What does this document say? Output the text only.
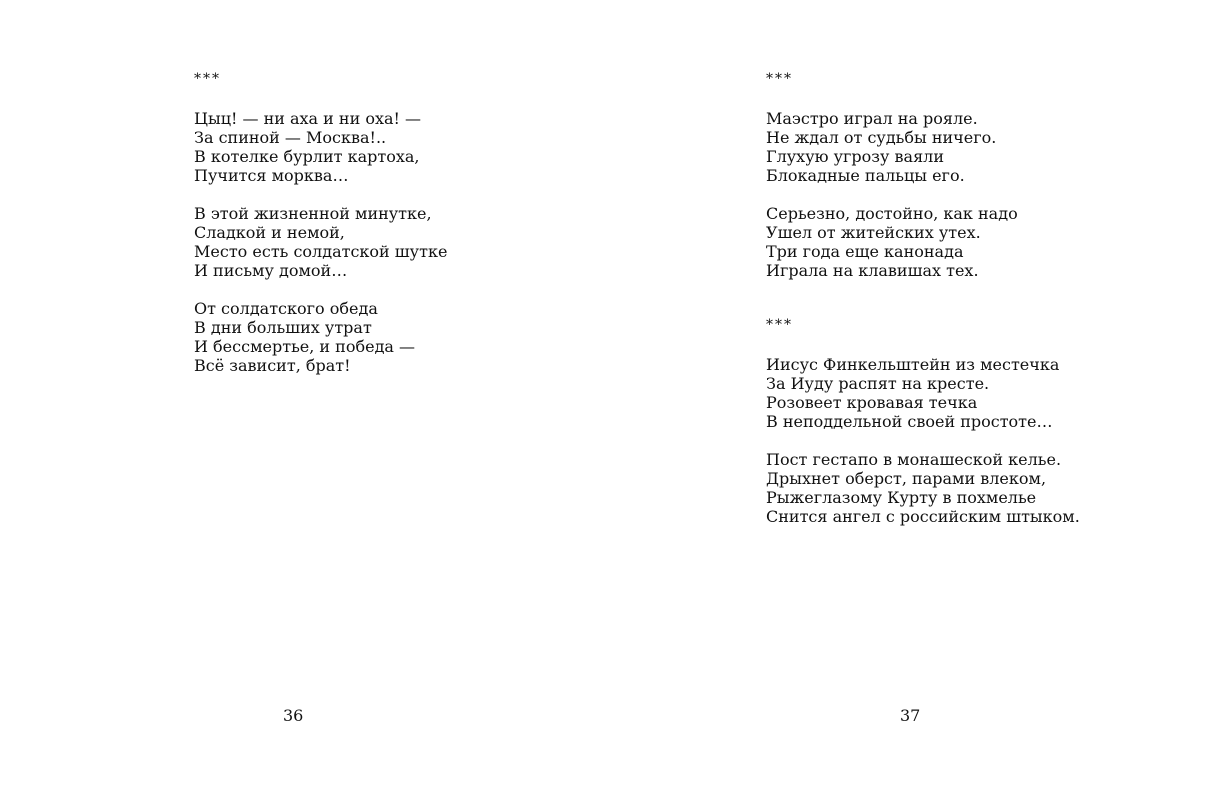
***

Цыц! — ни аха и ни оха! —
За спиной — Москва!..
В котелке бурлит картоха,
Пучится морква…

В этой жизненной минутке,
Сладкой и немой,
Место есть солдатской шутке
И письму домой…

От солдатского обеда
В дни больших утрат
И бессмертье, и победа —
Всё зависит, брат!

36
***

Маэстро играл на рояле.
Не ждал от судьбы ничего.
Глухую угрозу ваяли
Блокадные пальцы его.

Серьезно, достойно, как надо
Ушел от житейских утех.
Три года еще канонада
Играла на клавишах тех.

***

Иисус Финкельштейн из местечка
За Иуду распят на кресте.
Розовеет кровавая течка
В неподдельной своей простоте…

Пост гестапо в монашеской келье.
Дрыхнет оберст, парами влеком,
Рыжеглазому Курту в похмелье
Снится ангел с российским штыком.

37
